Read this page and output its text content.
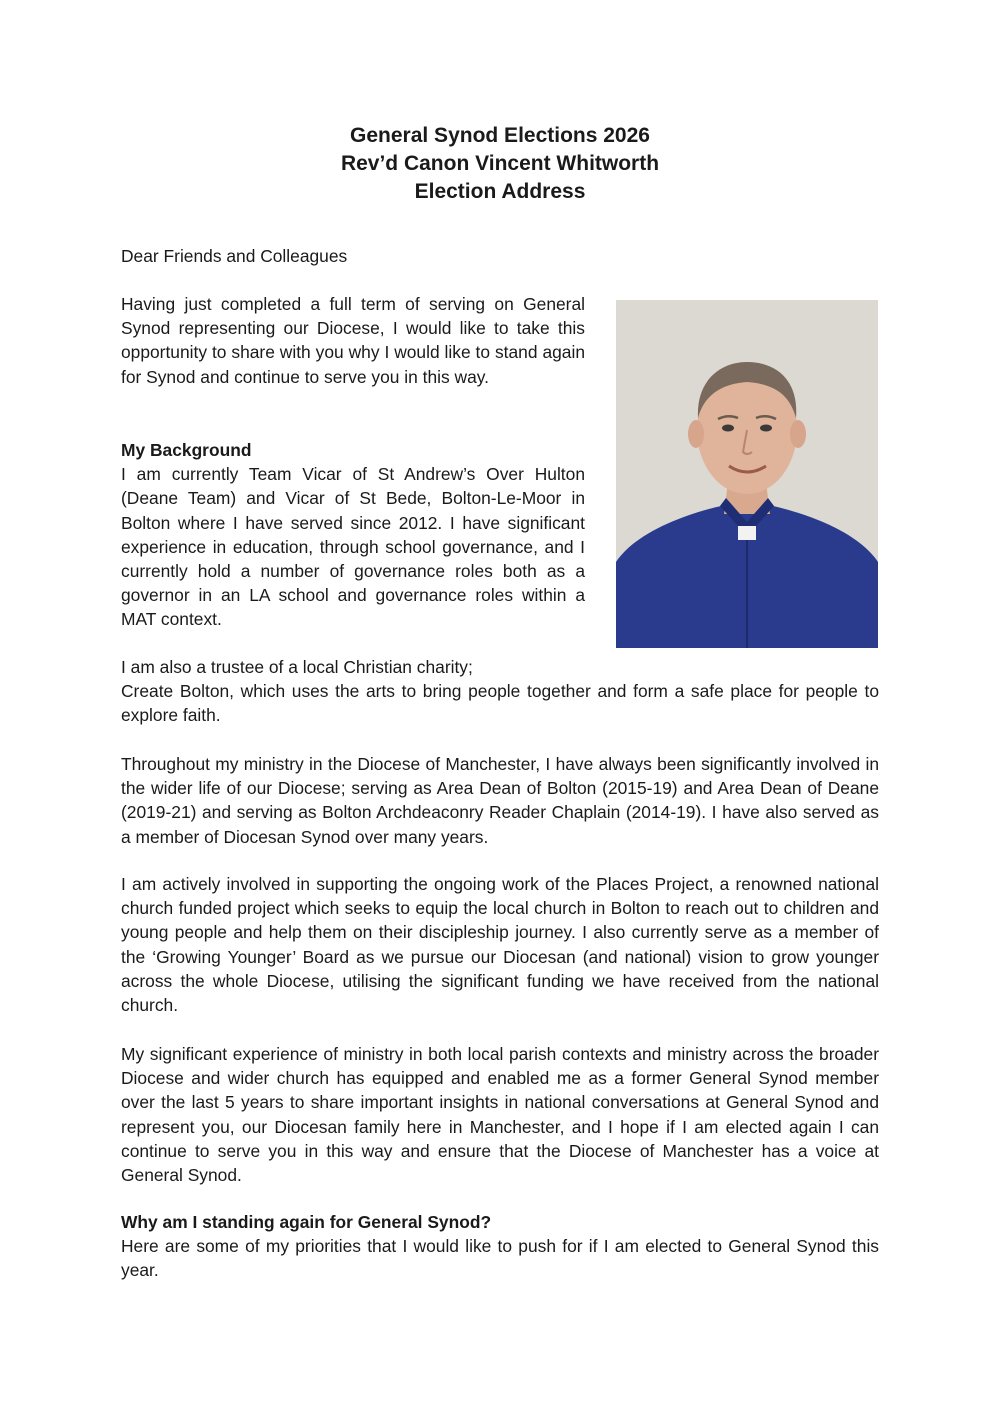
General Synod Elections 2026
Rev’d Canon Vincent Whitworth
Election Address
Dear Friends and Colleagues
Having just completed a full term of serving on General Synod representing our Diocese, I would like to take this opportunity to share with you why I would like to stand again for Synod and continue to serve you in this way.
My Background
I am currently Team Vicar of St Andrew’s Over Hulton (Deane Team) and Vicar of St Bede, Bolton-Le-Moor in Bolton where I have served since 2012. I have significant experience in education, through school governance, and I currently hold a number of governance roles both as a governor in an LA school and governance roles within a MAT context.
I am also a trustee of a local Christian charity;
Create Bolton, which uses the arts to bring people together and form a safe place for people to explore faith.
Throughout my ministry in the Diocese of Manchester, I have always been significantly involved in the wider life of our Diocese; serving as Area Dean of Bolton (2015-19) and Area Dean of Deane (2019-21) and serving as Bolton Archdeaconry Reader Chaplain (2014-19). I have also served as a member of Diocesan Synod over many years.
I am actively involved in supporting the ongoing work of the Places Project, a renowned national church funded project which seeks to equip the local church in Bolton to reach out to children and young people and help them on their discipleship journey. I also currently serve as a member of the ‘Growing Younger’ Board as we pursue our Diocesan (and national) vision to grow younger across the whole Diocese, utilising the significant funding we have received from the national church.
My significant experience of ministry in both local parish contexts and ministry across the broader Diocese and wider church has equipped and enabled me as a former General Synod member over the last 5 years to share important insights in national conversations at General Synod and represent you, our Diocesan family here in Manchester, and I hope if I am elected again I can continue to serve you in this way and ensure that the Diocese of Manchester has a voice at General Synod.
Why am I standing again for General Synod?
Here are some of my priorities that I would like to push for if I am elected to General Synod this year.
